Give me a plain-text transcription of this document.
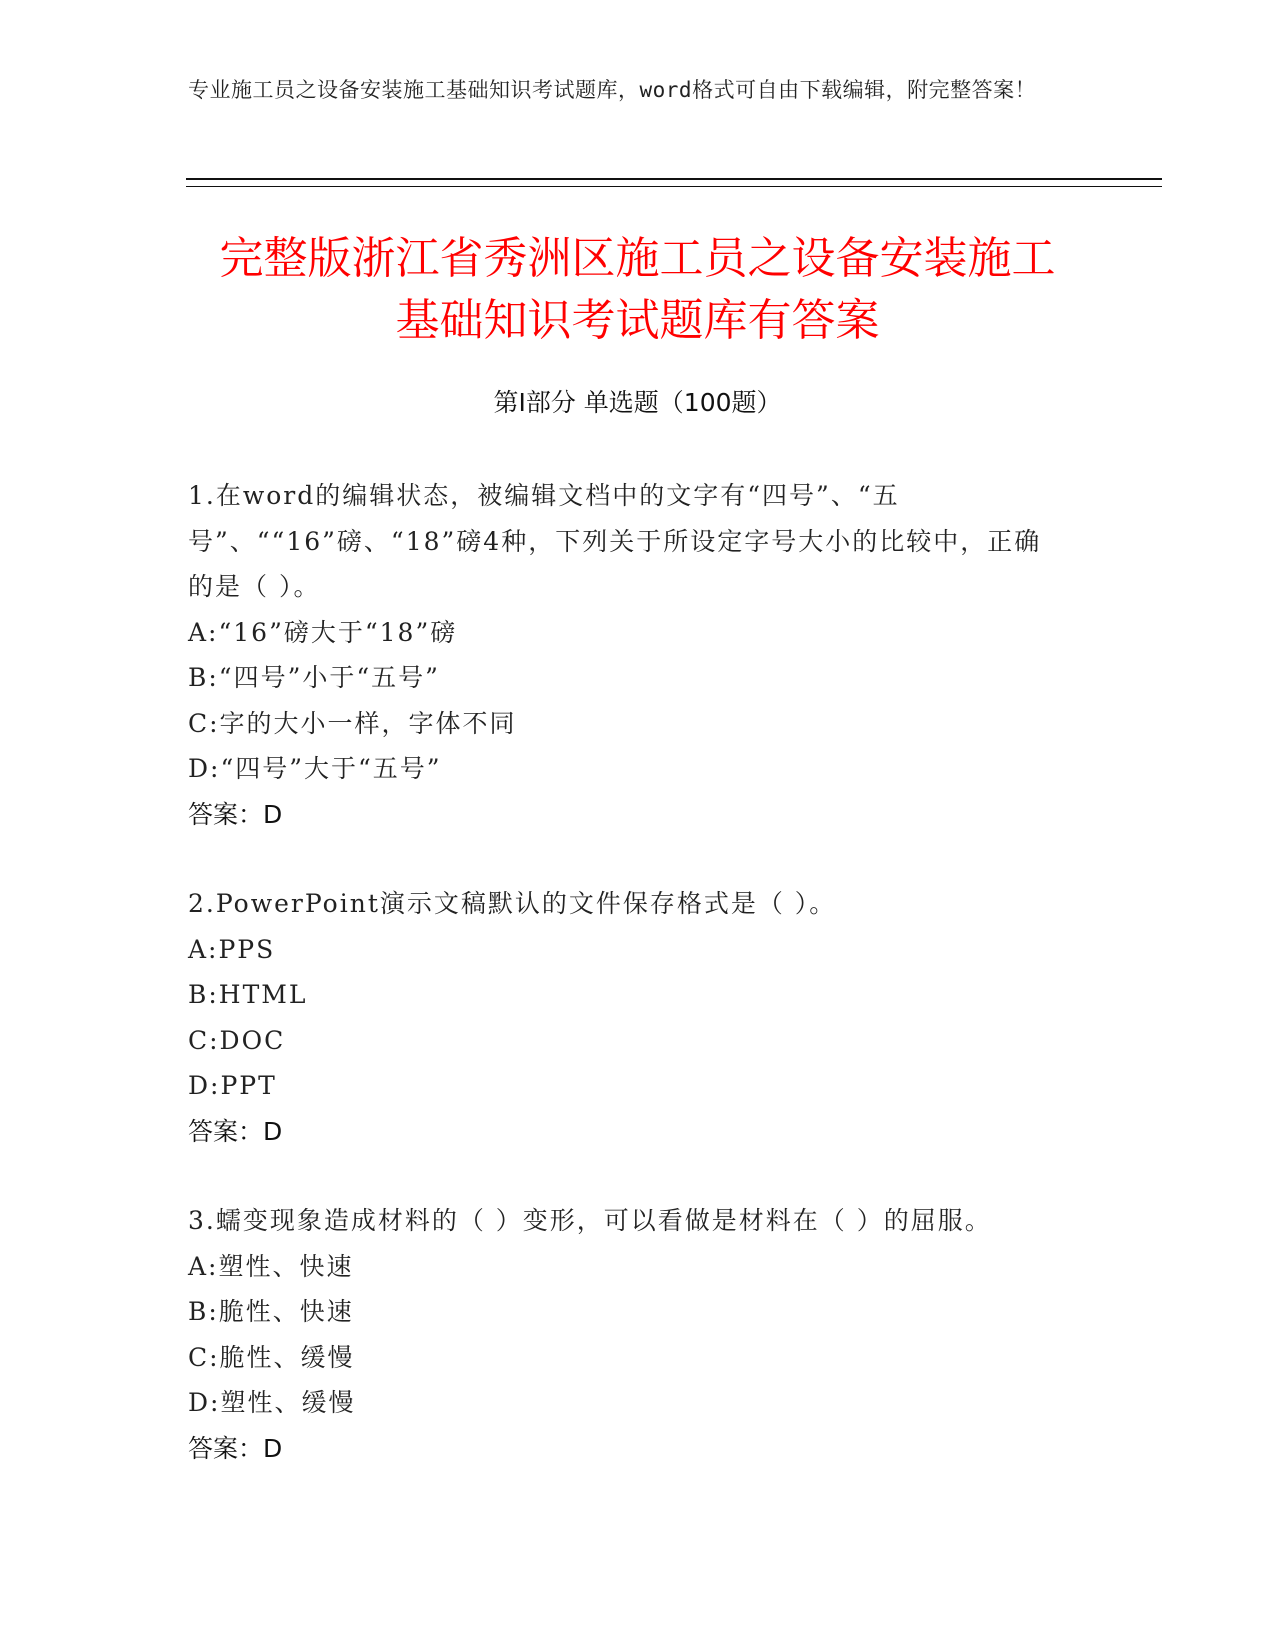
专业施工员之设备安装施工基础知识考试题库，word格式可自由下载编辑，附完整答案！
完整版浙江省秀洲区施工员之设备安装施工
基础知识考试题库有答案
第Ⅰ部分 单选题（100题）
1.在word的编辑状态，被编辑文档中的文字有“四号”、“五号”、““16”磅、“18”磅4种，下列关于所设定字号大小的比较中，正确的是（ ）。
A:“16”磅大于“18”磅
B:“四号”小于“五号”
C:字的大小一样，字体不同
D:“四号”大于“五号”
答案：D
2.PowerPoint演示文稿默认的文件保存格式是（ ）。
A:PPS
B:HTML
C:DOC
D:PPT
答案：D
3.蠕变现象造成材料的（ ）变形，可以看做是材料在（ ）的屈服。
A:塑性、快速
B:脆性、快速
C:脆性、缓慢
D:塑性、缓慢
答案：D
